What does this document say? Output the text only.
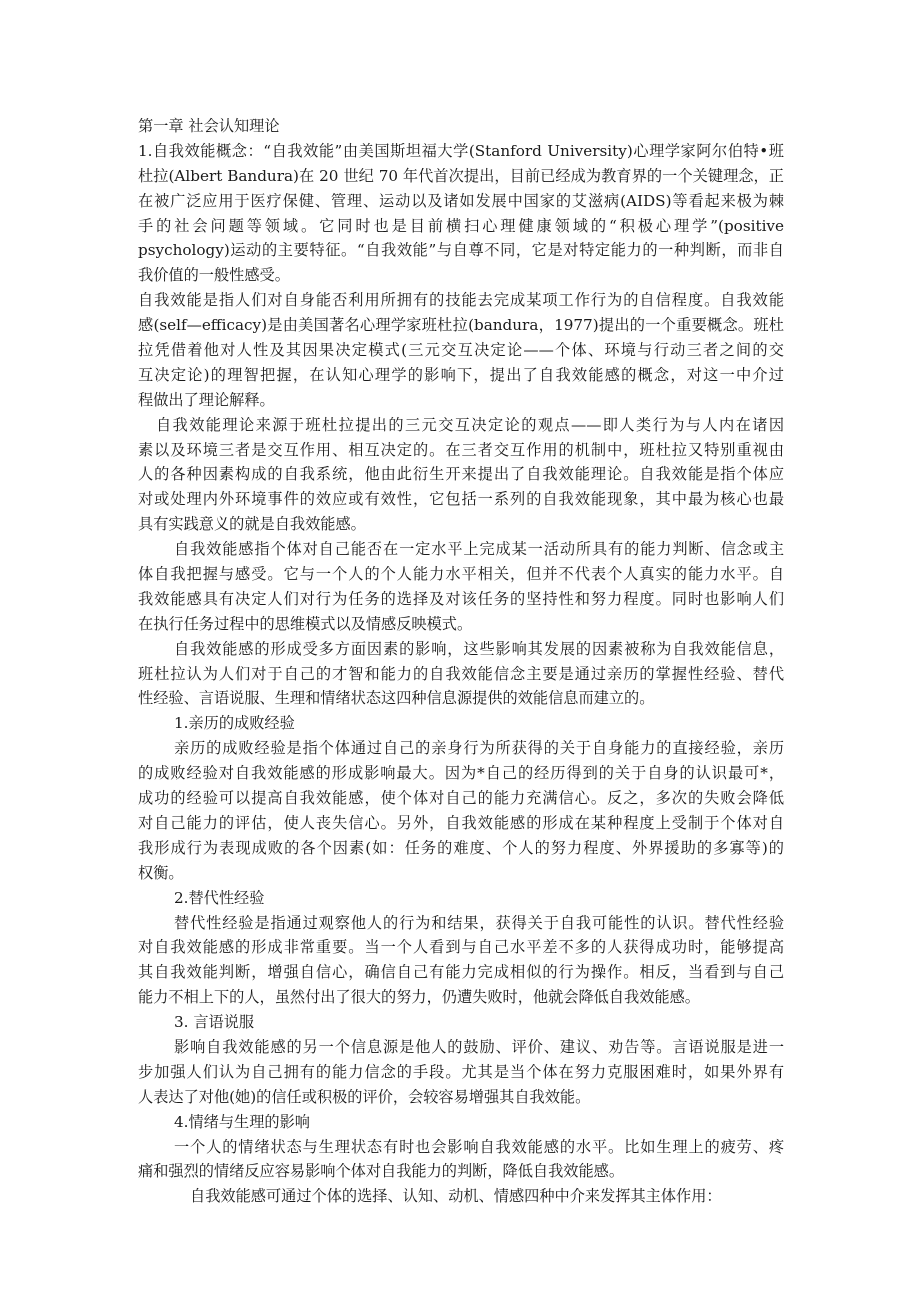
第一章 社会认知理论
1.自我效能概念：“自我效能”由美国斯坦福大学(Stanford University)心理学家阿尔伯特•班
杜拉(Albert Bandura)在 20 世纪 70 年代首次提出，目前已经成为教育界的一个关键理念，正
在被广泛应用于医疗保健、管理、运动以及诸如发展中国家的艾滋病(AIDS)等看起来极为棘
手的社会问题等领域。它同时也是目前横扫心理健康领域的“积极心理学”(positive
psychology)运动的主要特征。“自我效能”与自尊不同，它是对特定能力的一种判断，而非自
我价值的一般性感受。
自我效能是指人们对自身能否利用所拥有的技能去完成某项工作行为的自信程度。自我效能
感(self—efficacy)是由美国著名心理学家班杜拉(bandura，1977)提出的一个重要概念。班杜
拉凭借着他对人性及其因果决定模式(三元交互决定论——个体、环境与行动三者之间的交
互决定论)的理智把握，在认知心理学的影响下，提出了自我效能感的概念，对这一中介过
程做出了理论解释。
自我效能理论来源于班杜拉提出的三元交互决定论的观点——即人类行为与人内在诸因
素以及环境三者是交互作用、相互决定的。在三者交互作用的机制中，班杜拉又特别重视由
人的各种因素构成的自我系统，他由此衍生开来提出了自我效能理论。自我效能是指个体应
对或处理内外环境事件的效应或有效性，它包括一系列的自我效能现象，其中最为核心也最
具有实践意义的就是自我效能感。
自我效能感指个体对自己能否在一定水平上完成某一活动所具有的能力判断、信念或主
体自我把握与感受。它与一个人的个人能力水平相关，但并不代表个人真实的能力水平。自
我效能感具有决定人们对行为任务的选择及对该任务的坚持性和努力程度。同时也影响人们
在执行任务过程中的思维模式以及情感反映模式。
自我效能感的形成受多方面因素的影响，这些影响其发展的因素被称为自我效能信息，
班杜拉认为人们对于自己的才智和能力的自我效能信念主要是通过亲历的掌握性经验、替代
性经验、言语说服、生理和情绪状态这四种信息源提供的效能信息而建立的。
1.亲历的成败经验
亲历的成败经验是指个体通过自己的亲身行为所获得的关于自身能力的直接经验，亲历
的成败经验对自我效能感的形成影响最大。因为*自己的经历得到的关于自身的认识最可*，
成功的经验可以提高自我效能感，使个体对自己的能力充满信心。反之，多次的失败会降低
对自己能力的评估，使人丧失信心。另外，自我效能感的形成在某种程度上受制于个体对自
我形成行为表现成败的各个因素(如：任务的难度、个人的努力程度、外界援助的多寡等)的
权衡。
2.替代性经验
替代性经验是指通过观察他人的行为和结果，获得关于自我可能性的认识。替代性经验
对自我效能感的形成非常重要。当一个人看到与自己水平差不多的人获得成功时，能够提高
其自我效能判断，增强自信心，确信自己有能力完成相似的行为操作。相反，当看到与自己
能力不相上下的人，虽然付出了很大的努力，仍遭失败时，他就会降低自我效能感。
3. 言语说服
影响自我效能感的另一个信息源是他人的鼓励、评价、建议、劝告等。言语说服是进一
步加强人们认为自己拥有的能力信念的手段。尤其是当个体在努力克服困难时，如果外界有
人表达了对他(她)的信任或积极的评价，会较容易增强其自我效能。
4.情绪与生理的影响
一个人的情绪状态与生理状态有时也会影响自我效能感的水平。比如生理上的疲劳、疼
痛和强烈的情绪反应容易影响个体对自我能力的判断，降低自我效能感。
自我效能感可通过个体的选择、认知、动机、情感四种中介来发挥其主体作用：
